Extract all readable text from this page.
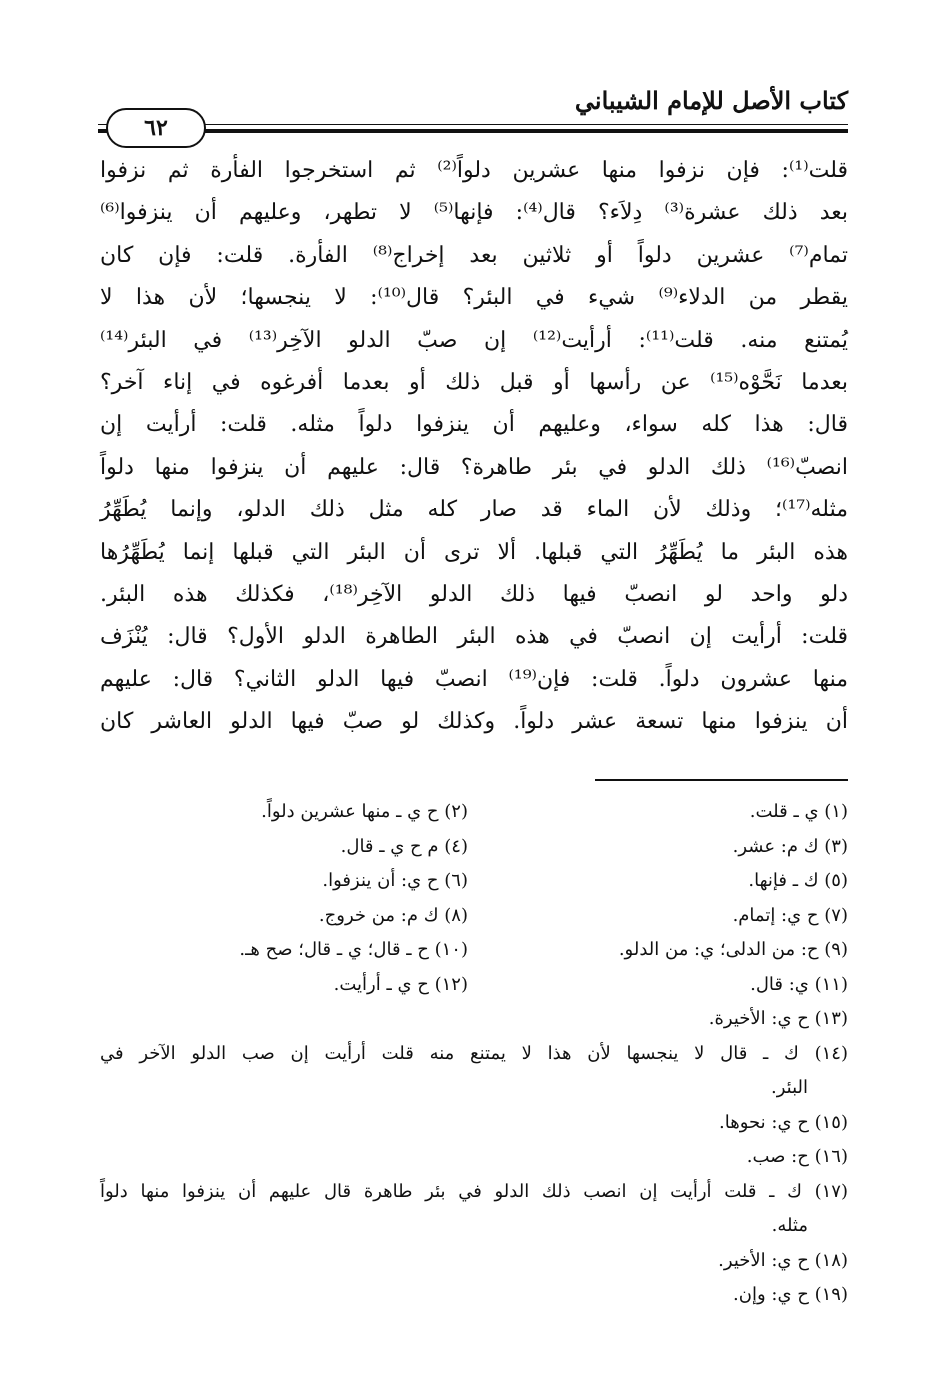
كتاب الأصل للإمام الشيباني
٦٢
قلت⁽¹⁾: فإن نزفوا منها عشرين دلواً⁽²⁾ ثم استخرجوا الفأرة ثم نزفوا
بعد ذلك عشرة⁽³⁾ دِلاَء؟ قال⁽⁴⁾: فإنها⁽⁵⁾ لا تطهر، وعليهم أن ينزفوا⁽⁶⁾
تمام⁽⁷⁾ عشرين دلواً أو ثلاثين بعد إخراج⁽⁸⁾ الفأرة. قلت: فإن كان
يقطر من الدلاء⁽⁹⁾ شيء في البئر؟ قال⁽¹⁰⁾: لا ينجسها؛ لأن هذا لا
يُمتنع منه. قلت⁽¹¹⁾: أرأيت⁽¹²⁾ إن صبّ الدلو الآخِر⁽¹³⁾ في البئر⁽¹⁴⁾
بعدما نَحَّوْه⁽¹⁵⁾ عن رأسها أو قبل ذلك أو بعدما أفرغوه في إناء آخر؟
قال: هذا كله سواء، وعليهم أن ينزفوا دلواً مثله. قلت: أرأيت إن
انصبّ⁽¹⁶⁾ ذلك الدلو في بئر طاهرة؟ قال: عليهم أن ينزفوا منها دلواً
مثله⁽¹⁷⁾؛ وذلك لأن الماء قد صار كله مثل ذلك الدلو، وإنما يُطَهِّرُ
هذه البئر ما يُطَهِّرُ التي قبلها. ألا ترى أن البئر التي قبلها إنما يُطَهِّرُها
دلو واحد لو انصبّ فيها ذلك الدلو الآخِر⁽¹⁸⁾، فكذلك هذه البئر.
قلت: أرأيت إن انصبّ في هذه البئر الطاهرة الدلو الأول؟ قال: يُنْزَف
منها عشرون دلواً. قلت: فإن⁽¹⁹⁾ انصبّ فيها الدلو الثاني؟ قال: عليهم
أن ينزفوا منها تسعة عشر دلواً. وكذلك لو صبّ فيها الدلو العاشر كان
(١) ي ـ قلت.
(٢) ح ي ـ منها عشرين دلواً.
(٣) ك م: عشر.
(٤) م ح ي ـ قال.
(٥) ك ـ فإنها.
(٦) ح ي: أن ينزفوا.
(٧) ح ي: إتمام.
(٨) ك م: من خروج.
(٩) ح: من الدلى؛ ي: من الدلو.
(١٠) ح ـ قال؛ ي ـ قال؛ صح هـ.
(١١) ي: قال.
(١٢) ح ي ـ أرأيت.
(١٣) ح ي: الأخيرة.
(١٤) ك ـ قال لا ينجسها لأن هذا لا يمتنع منه قلت أرأيت إن صب الدلو الآخر في
البئر.
(١٥) ح ي: نحوها.
(١٦) ح: صب.
(١٧) ك ـ قلت أرأيت إن انصب ذلك الدلو في بئر طاهرة قال عليهم أن ينزفوا منها دلواً
مثله.
(١٨) ح ي: الأخير.
(١٩) ح ي: وإن.
